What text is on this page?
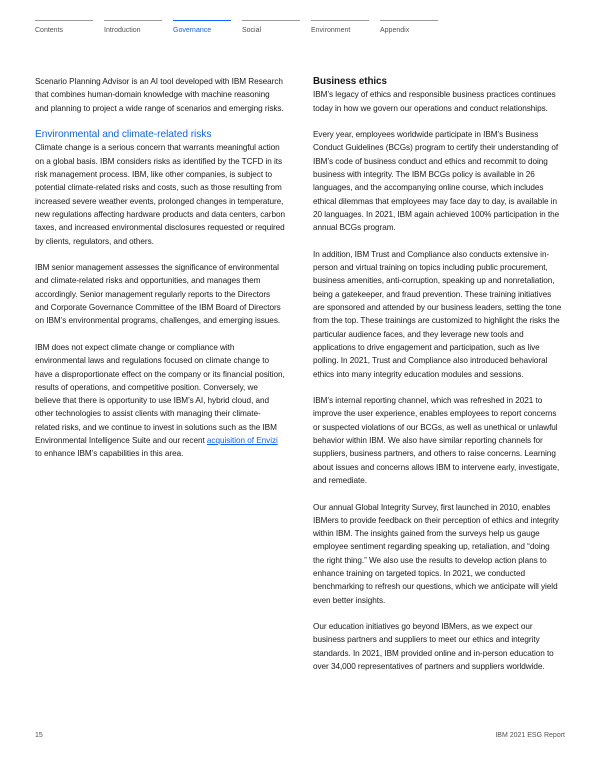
Contents	Introduction	Governance	Social	Environment	Appendix

Scenario Planning Advisor is an AI tool developed with IBM Research that combines human-domain knowledge with machine reasoning and planning to project a wide range of scenarios and emerging risks.

Environmental and climate-related risks

Climate change is a serious concern that warrants meaningful action on a global basis. IBM considers risks as identified by the TCFD in its risk management process. IBM, like other companies, is subject to potential climate-related risks and costs, such as those resulting from increased severe weather events, prolonged changes in temperature, new regulations affecting hardware products and data centers, carbon taxes, and increased environmental disclosures requested or required by clients, regulators, and others.

IBM senior management assesses the significance of environmental and climate-related risks and opportunities, and manages them accordingly. Senior management regularly reports to the Directors and Corporate Governance Committee of the IBM Board of Directors on IBM’s environmental programs, challenges, and emerging issues.

IBM does not expect climate change or compliance with environmental laws and regulations focused on climate change to have a disproportionate effect on the company or its financial position, results of operations, and competitive position. Conversely, we believe that there is opportunity to use IBM’s AI, hybrid cloud, and other technologies to assist clients with managing their climate-related risks, and we continue to invest in solutions such as the IBM Environmental Intelligence Suite and our recent acquisition of Envizi to enhance IBM’s capabilities in this area.

Business ethics

IBM’s legacy of ethics and responsible business practices continues today in how we govern our operations and conduct relationships.

Every year, employees worldwide participate in IBM’s Business Conduct Guidelines (BCGs) program to certify their understanding of IBM’s code of business conduct and ethics and recommit to doing business with integrity. The IBM BCGs policy is available in 26 languages, and the accompanying online course, which includes ethical dilemmas that employees may face day to day, is available in 20 languages. In 2021, IBM again achieved 100% participation in the annual BCGs program.

In addition, IBM Trust and Compliance also conducts extensive in-person and virtual training on topics including public procurement, business amenities, anti-corruption, speaking up and nonretaliation, being a gatekeeper, and fraud prevention. These training initiatives are sponsored and attended by our business leaders, setting the tone from the top. These trainings are customized to highlight the risks the particular audience faces, and they leverage new tools and applications to drive engagement and participation, such as live polling. In 2021, Trust and Compliance also introduced behavioral ethics into many integrity education modules and sessions.

IBM’s internal reporting channel, which was refreshed in 2021 to improve the user experience, enables employees to report concerns or suspected violations of our BCGs, as well as unethical or unlawful behavior within IBM. We also have similar reporting channels for suppliers, business partners, and others to raise concerns. Learning about issues and concerns allows IBM to intervene early, investigate, and remediate.

Our annual Global Integrity Survey, first launched in 2010, enables IBMers to provide feedback on their perception of ethics and integrity within IBM. The insights gained from the surveys help us gauge employee sentiment regarding speaking up, retaliation, and “doing the right thing.” We also use the results to develop action plans to enhance training on targeted topics. In 2021, we conducted benchmarking to refresh our questions, which we anticipate will yield even better insights.

Our education initiatives go beyond IBMers, as we expect our business partners and suppliers to meet our ethics and integrity standards. In 2021, IBM provided online and in-person education to over 34,000 representatives of partners and suppliers worldwide.

15	IBM 2021 ESG Report
